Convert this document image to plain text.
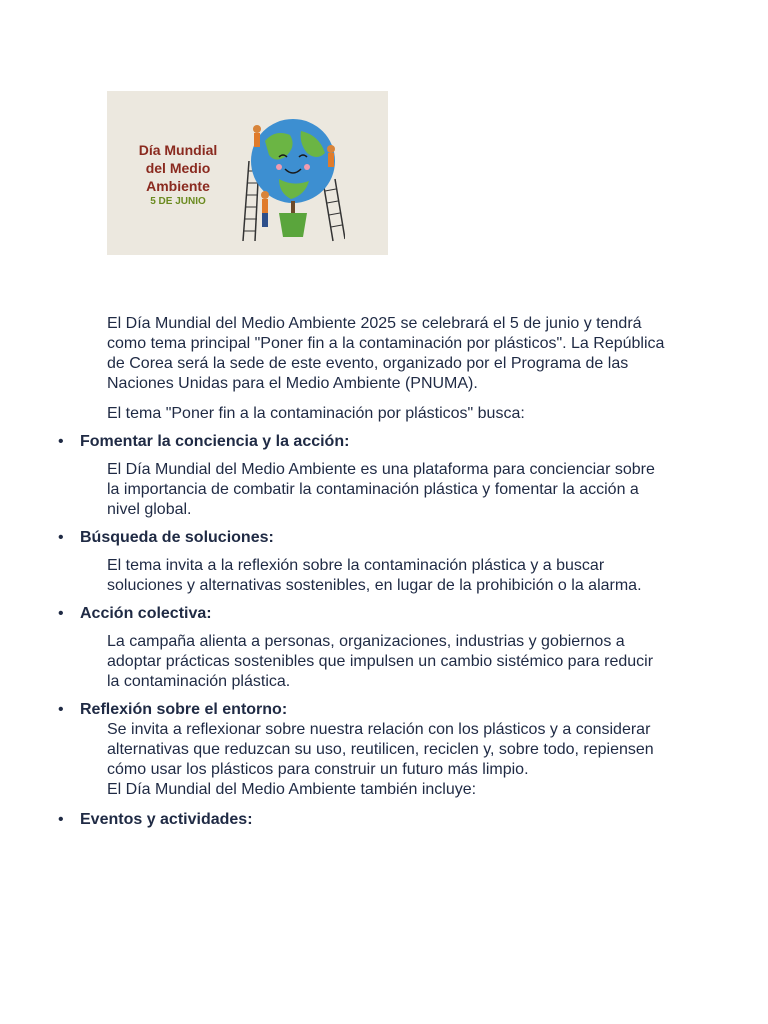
Día Mundial
del Medio
Ambiente
5 DE JUNIO

El Día Mundial del Medio Ambiente 2025 se celebrará el 5 de junio y tendrá como tema principal "Poner fin a la contaminación por plásticos". La República de Corea será la sede de este evento, organizado por el Programa de las Naciones Unidas para el Medio Ambiente (PNUMA).

El tema "Poner fin a la contaminación por plásticos" busca:

• Fomentar la conciencia y la acción:

El Día Mundial del Medio Ambiente es una plataforma para concienciar sobre la importancia de combatir la contaminación plástica y fomentar la acción a nivel global.

• Búsqueda de soluciones:

El tema invita a la reflexión sobre la contaminación plástica y a buscar soluciones y alternativas sostenibles, en lugar de la prohibición o la alarma.

• Acción colectiva:

La campaña alienta a personas, organizaciones, industrias y gobiernos a adoptar prácticas sostenibles que impulsen un cambio sistémico para reducir la contaminación plástica.

• Reflexión sobre el entorno:

Se invita a reflexionar sobre nuestra relación con los plásticos y a considerar alternativas que reduzcan su uso, reutilicen, reciclen y, sobre todo, repiensen cómo usar los plásticos para construir un futuro más limpio.

El Día Mundial del Medio Ambiente también incluye:

• Eventos y actividades:
